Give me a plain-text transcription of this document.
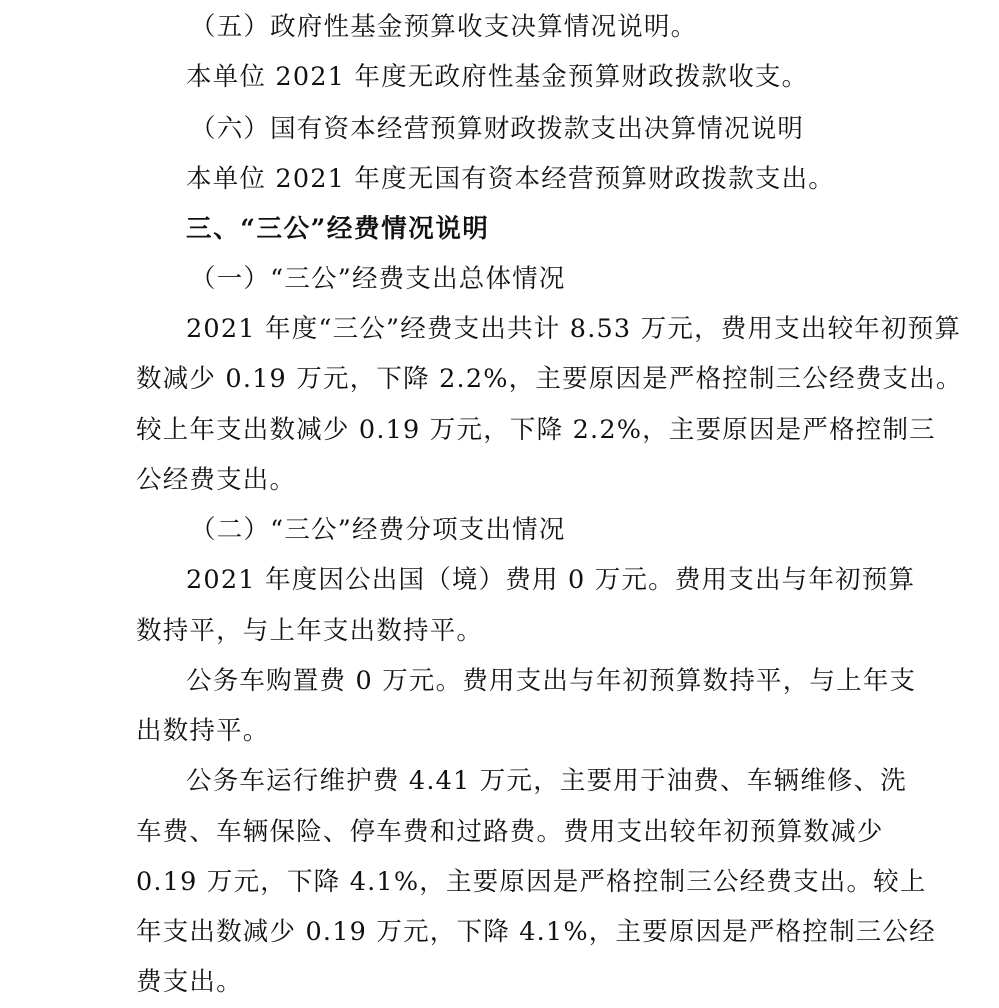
（五）政府性基金预算收支决算情况说明。
本单位 2021 年度无政府性基金预算财政拨款收支。
（六）国有资本经营预算财政拨款支出决算情况说明
本单位 2021 年度无国有资本经营预算财政拨款支出。
三、“三公”经费情况说明
（一）“三公”经费支出总体情况
2021 年度“三公”经费支出共计 8.53 万元，费用支出较年初预算
数减少 0.19 万元，下降 2.2%，主要原因是严格控制三公经费支出。
较上年支出数减少 0.19 万元，下降 2.2%，主要原因是严格控制三
公经费支出。
（二）“三公”经费分项支出情况
2021 年度因公出国（境）费用 0 万元。费用支出与年初预算
数持平，与上年支出数持平。
公务车购置费 0 万元。费用支出与年初预算数持平，与上年支
出数持平。
公务车运行维护费 4.41 万元，主要用于油费、车辆维修、洗
车费、车辆保险、停车费和过路费。费用支出较年初预算数减少
0.19 万元，下降 4.1%，主要原因是严格控制三公经费支出。较上
年支出数减少 0.19 万元，下降 4.1%，主要原因是严格控制三公经
费支出。
